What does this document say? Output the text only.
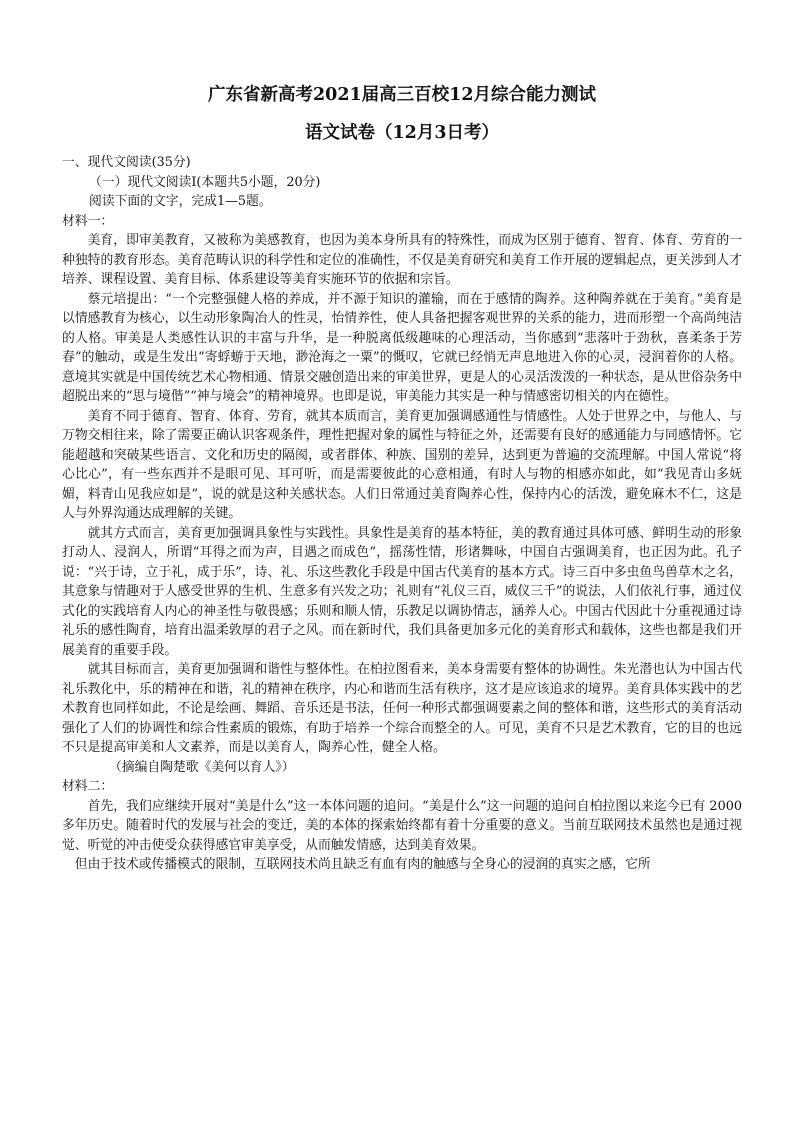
广东省新高考2021届高三百校12月综合能力测试

语文试卷（12月3日考）

一、现代文阅读(35分)

（一）现代文阅读Ⅰ(本题共5小题，20分)

阅读下面的文字，完成1—5题。

材料一：

美育，即审美教育，又被称为美感教育，也因为美本身所具有的特殊性，而成为区别于德育、智育、体育、劳育的一种独特的教育形态。美育范畴认识的科学性和定位的准确性，不仅是美育研究和美育工作开展的逻辑起点，更关涉到人才培养、课程设置、美育目标、体系建设等美育实施环节的依据和宗旨。

蔡元培提出：“一个完整强健人格的养成，并不源于知识的灌输，而在于感情的陶养。这种陶养就在于美育。”美育是以情感教育为核心，以生动形象陶冶人的性灵，怡情养性，使人具备把握客观世界的关系的能力，进而形塑一个高尚纯洁的人格。审美是人类感性认识的丰富与升华，是一种脱离低级趣味的心理活动，当你感到“悲落叶于劲秋，喜柔条于芳春”的触动，或是生发出“寄蜉蝣于天地，渺沧海之一粟”的慨叹，它就已经悄无声息地进入你的心灵，浸润着你的人格。意境其实就是中国传统艺术心物相通、情景交融创造出来的审美世界，更是人的心灵活泼泼的一种状态，是从世俗杂务中超脱出来的“思与境偕”“神与境会”的精神境界。也即是说，审美能力其实是一种与情感密切相关的内在德性。

美育不同于德育、智育、体育、劳育，就其本质而言，美育更加强调感通性与情感性。人处于世界之中，与他人、与万物交相往来，除了需要正确认识客观条件，理性把握对象的属性与特征之外，还需要有良好的感通能力与同感情怀。它能超越和突破某些语言、文化和历史的隔阂，或者群体、种族、国别的差异，达到更为普遍的交流理解。中国人常说“将心比心”，有一些东西并不是眼可见、耳可听，而是需要彼此的心意相通，有时人与物的相感亦如此，如“我见青山多妩媚，料青山见我应如是”，说的就是这种关感状态。人们日常通过美育陶养心性，保持内心的活泼，避免麻木不仁，这是人与外界沟通达成理解的关键。

就其方式而言，美育更加强调具象性与实践性。具象性是美育的基本特征，美的教育通过具体可感、鲜明生动的形象打动人、浸润人，所谓“耳得之而为声，目遇之而成色”，摇荡性情，形诸舞咏，中国自古强调美育，也正因为此。孔子说：“兴于诗，立于礼，成于乐”，诗、礼、乐这些教化手段是中国古代美育的基本方式。诗三百中多虫鱼鸟兽草木之名，其意象与情趣对于人感受世界的生机、生意多有兴发之功；礼则有“礼仪三百，威仪三千”的说法，人们依礼行事，通过仪式化的实践培育人内心的神圣性与敬畏感；乐则和顺人情，乐教足以调协情志，涵养人心。中国古代因此十分重视通过诗礼乐的感性陶育，培育出温柔敦厚的君子之风。而在新时代，我们具备更加多元化的美育形式和载体，这些也都是我们开展美育的重要手段。

就其目标而言，美育更加强调和谐性与整体性。在柏拉图看来，美本身需要有整体的协调性。朱光潜也认为中国古代礼乐教化中，乐的精神在和谐，礼的精神在秩序，内心和谐而生活有秩序，这才是应该追求的境界。美育具体实践中的艺术教育也同样如此，不论是绘画、舞蹈、音乐还是书法，任何一种形式都强调要素之间的整体和谐，这些形式的美育活动强化了人们的协调性和综合性素质的锻炼，有助于培养一个综合而整全的人。可见，美育不只是艺术教育，它的目的也远不只是提高审美和人文素养，而是以美育人，陶养心性，健全人格。

（摘编自陶楚歌《美何以育人》）

材料二：

首先，我们应继续开展对“美是什么”这一本体问题的追问。“美是什么”这一问题的追问自柏拉图以来迄今已有 2000 多年历史。随着时代的发展与社会的变迁，美的本体的探索始终都有着十分重要的意义。当前互联网技术虽然也是通过视觉、听觉的冲击使受众获得感官审美享受，从而触发情感，达到美育效果。

但由于技术或传播模式的限制，互联网技术尚且缺乏有血有肉的触感与全身心的浸润的真实之感，它所
